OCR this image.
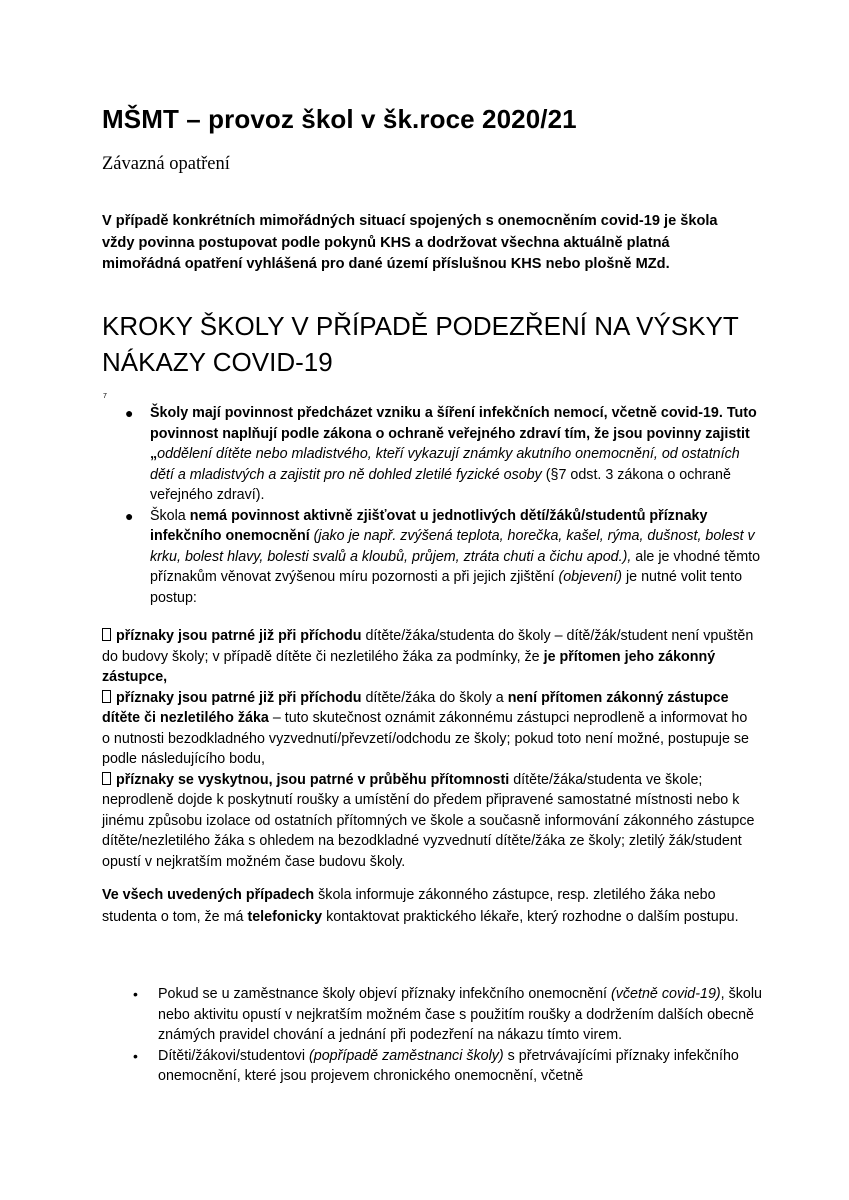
MŠMT – provoz škol v šk.roce 2020/21
Závazná opatření
V případě konkrétních mimořádných situací spojených s onemocněním covid-19 je škola vždy povinna postupovat podle pokynů KHS a dodržovat všechna aktuálně platná mimořádná opatření vyhlášená pro dané území příslušnou KHS nebo plošně MZd.
KROKY ŠKOLY V PŘÍPADĚ PODEZŘENÍ NA VÝSKYT NÁKAZY COVID-19
7
● Školy mají povinnost předcházet vzniku a šíření infekčních nemocí, včetně covid-19. Tuto povinnost naplňují podle zákona o ochraně veřejného zdraví tím, že jsou povinny zajistit „oddělení dítěte nebo mladistvého, kteří vykazují známky akutního onemocnění, od ostatních dětí a mladistvých a zajistit pro ně dohled zletilé fyzické osoby (§7 odst. 3 zákona o ochraně veřejného zdraví).
● Škola nemá povinnost aktivně zjišťovat u jednotlivých dětí/žáků/studentů příznaky infekčního onemocnění (jako je např. zvýšená teplota, horečka, kašel, rýma, dušnost, bolest v krku, bolest hlavy, bolesti svalů a kloubů, průjem, ztráta chuti a čichu apod.), ale je vhodné těmto příznakům věnovat zvýšenou míru pozornosti a při jejich zjištění (objevení) je nutné volit tento postup:
příznaky jsou patrné již při příchodu dítěte/žáka/studenta do školy – dítě/žák/student není vpuštěn do budovy školy; v případě dítěte či nezletilého žáka za podmínky, že je přítomen jeho zákonný zástupce,
příznaky jsou patrné již při příchodu dítěte/žáka do školy a není přítomen zákonný zástupce dítěte či nezletilého žáka – tuto skutečnost oznámit zákonnému zástupci neprodleně a informovat ho o nutnosti bezodkladného vyzvednutí/převzetí/odchodu ze školy; pokud toto není možné, postupuje se podle následujícího bodu,
příznaky se vyskytnou, jsou patrné v průběhu přítomnosti dítěte/žáka/studenta ve škole; neprodleně dojde k poskytnutí roušky a umístění do předem připravené samostatné místnosti nebo k jinému způsobu izolace od ostatních přítomných ve škole a současně informování zákonného zástupce dítěte/nezletilého žáka s ohledem na bezodkladné vyzvednutí dítěte/žáka ze školy; zletilý žák/student opustí v nejkratším možném čase budovu školy.
Ve všech uvedených případech škola informuje zákonného zástupce, resp. zletilého žáka nebo studenta o tom, že má telefonicky kontaktovat praktického lékaře, který rozhodne o dalším postupu.
• Pokud se u zaměstnance školy objeví příznaky infekčního onemocnění (včetně covid-19), školu nebo aktivitu opustí v nejkratším možném čase s použitím roušky a dodržením dalších obecně známých pravidel chování a jednání při podezření na nákazu tímto virem.
• Dítěti/žákovi/studentovi (popřípadě zaměstnanci školy) s přetrvávajícími příznaky infekčního onemocnění, které jsou projevem chronického onemocnění, včetně
